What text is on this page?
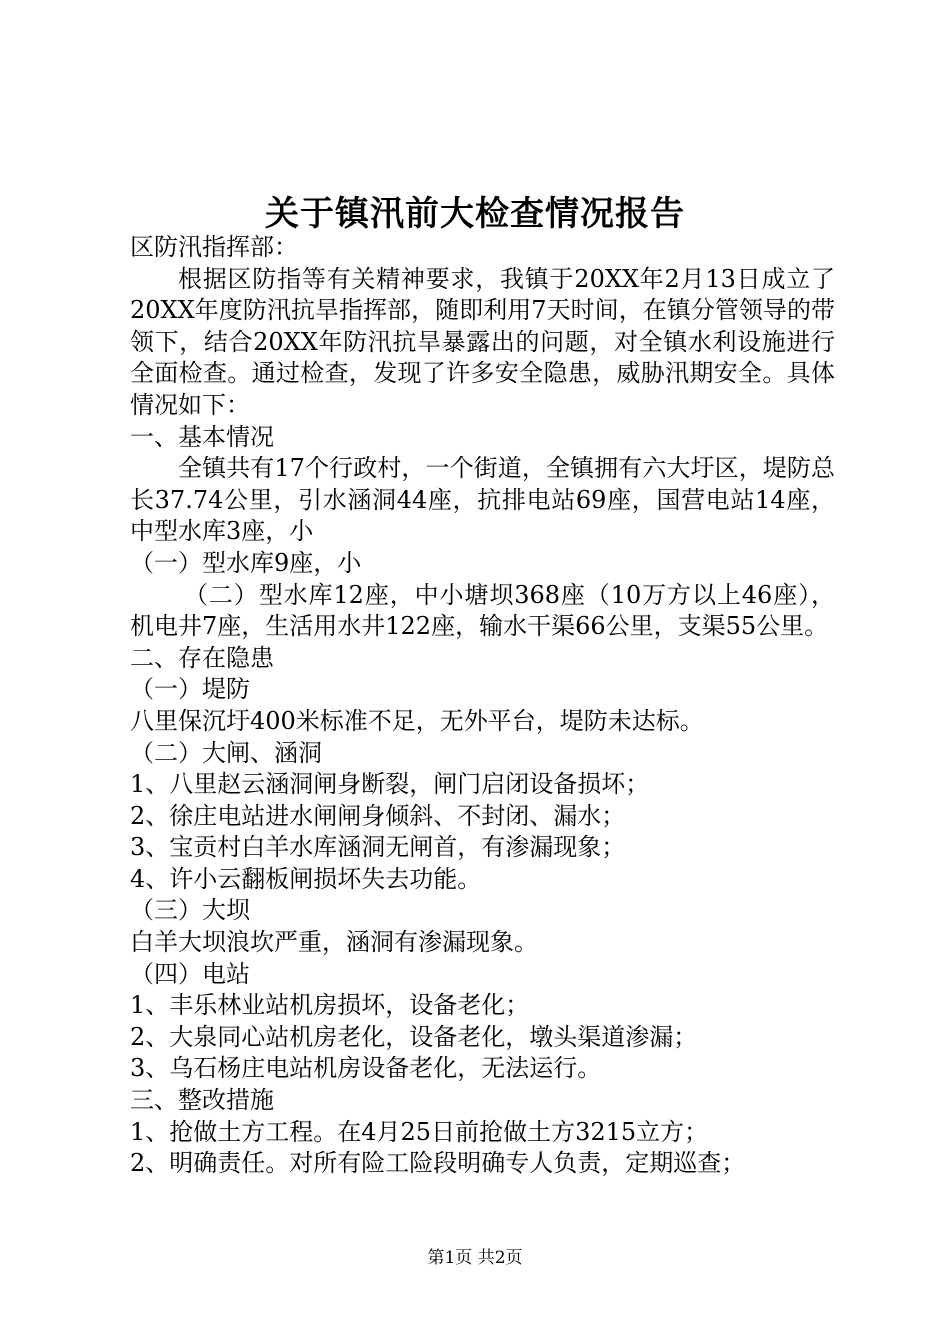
关于镇汛前大检查情况报告

区防汛指挥部：

根据区防指等有关精神要求，我镇于20XX年2月13日成立了20XX年度防汛抗旱指挥部，随即利用7天时间，在镇分管领导的带领下，结合20XX年防汛抗旱暴露出的问题，对全镇水利设施进行全面检查。通过检查，发现了许多安全隐患，威胁汛期安全。具体情况如下：

一、基本情况

全镇共有17个行政村，一个街道，全镇拥有六大圩区，堤防总长37.74公里，引水涵洞44座，抗排电站69座，国营电站14座，中型水库3座，小

（一）型水库9座，小

（二）型水库12座，中小塘坝368座（10万方以上46座），机电井7座，生活用水井122座，输水干渠66公里，支渠55公里。

二、存在隐患

（一）堤防

八里保沉圩400米标准不足，无外平台，堤防未达标。

（二）大闸、涵洞

1、八里赵云涵洞闸身断裂，闸门启闭设备损坏；

2、徐庄电站进水闸闸身倾斜、不封闭、漏水；

3、宝贡村白羊水库涵洞无闸首，有渗漏现象；

4、许小云翻板闸损坏失去功能。

（三）大坝

白羊大坝浪坎严重，涵洞有渗漏现象。

（四）电站

1、丰乐林业站机房损坏，设备老化；

2、大泉同心站机房老化，设备老化，墩头渠道渗漏；

3、乌石杨庄电站机房设备老化，无法运行。

三、整改措施

1、抢做土方工程。在4月25日前抢做土方3215立方；

2、明确责任。对所有险工险段明确专人负责，定期巡查；

第1页 共2页
